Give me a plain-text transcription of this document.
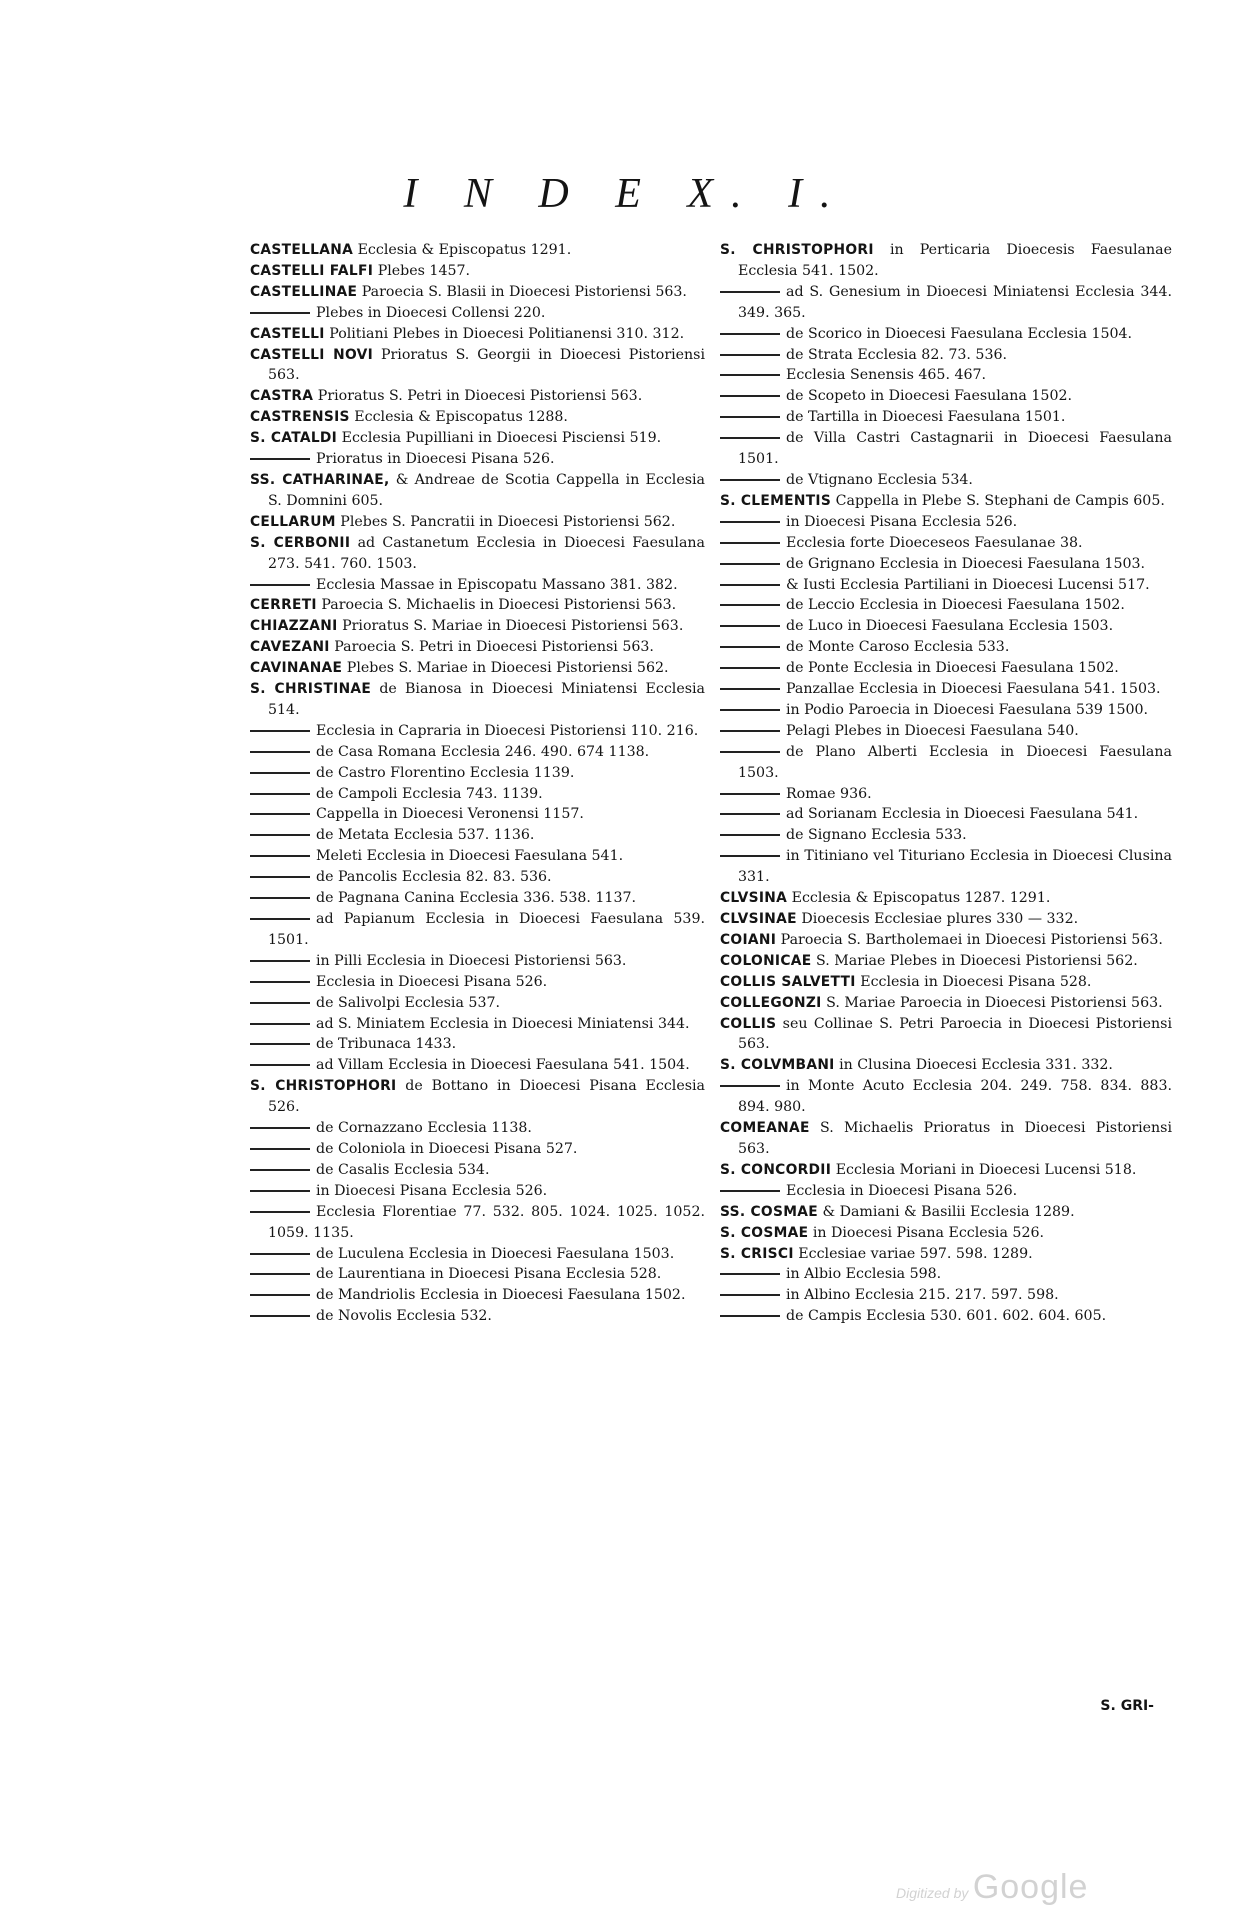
I N D E X. I.
CASTELLANA Ecclesia & Episcopatus 1291.
CASTELLI FALFI Plebes 1457.
CASTELLINAE Paroecia S. Blasii in Dioecesi Pistoriensi 563.
Plebes in Dioecesi Collensi 220.
CASTELLI Politiani Plebes in Dioecesi Politianensi 310. 312.
CASTELLI NOVI Prioratus S. Georgii in Dioecesi Pistoriensi 563.
CASTRA Prioratus S. Petri in Dioecesi Pistoriensi 563.
CASTRENSIS Ecclesia & Episcopatus 1288.
S. CATALDI Ecclesia Pupilliani in Dioecesi Pisciensi 519.
Prioratus in Dioecesi Pisana 526.
SS. CATHARINAE, & Andreae de Scotia Cappella in Ecclesia S. Domnini 605.
CELLARUM Plebes S. Pancratii in Dioecesi Pistoriensi 562.
S. CERBONII ad Castanetum Ecclesia in Dioecesi Faesulana 273. 541. 760. 1503.
Ecclesia Massae in Episcopatu Massano 381. 382.
CERRETI Paroecia S. Michaelis in Dioecesi Pistoriensi 563.
CHIAZZANI Prioratus S. Mariae in Dioecesi Pistoriensi 563.
CAVEZANI Paroecia S. Petri in Dioecesi Pistoriensi 563.
CAVINANAE Plebes S. Mariae in Dioecesi Pistoriensi 562.
S. CHRISTINAE de Bianosa in Dioecesi Miniatensi Ecclesia 514.
Ecclesia in Capraria in Dioecesi Pistoriensi 110. 216.
de Casa Romana Ecclesia 246. 490. 674 1138.
de Castro Florentino Ecclesia 1139.
de Campoli Ecclesia 743. 1139.
Cappella in Dioecesi Veronensi 1157.
de Metata Ecclesia 537. 1136.
Meleti Ecclesia in Dioecesi Faesulana 541.
de Pancolis Ecclesia 82. 83. 536.
de Pagnana Canina Ecclesia 336. 538. 1137.
ad Papianum Ecclesia in Dioecesi Faesulana 539. 1501.
in Pilli Ecclesia in Dioecesi Pistoriensi 563.
Ecclesia in Dioecesi Pisana 526.
de Salivolpi Ecclesia 537.
ad S. Miniatem Ecclesia in Dioecesi Miniatensi 344.
de Tribunaca 1433.
ad Villam Ecclesia in Dioecesi Faesulana 541. 1504.
S. CHRISTOPHORI de Bottano in Dioecesi Pisana Ecclesia 526.
de Cornazzano Ecclesia 1138.
de Coloniola in Dioecesi Pisana 527.
de Casalis Ecclesia 534.
in Dioecesi Pisana Ecclesia 526.
Ecclesia Florentiae 77. 532. 805. 1024. 1025. 1052. 1059. 1135.
de Luculena Ecclesia in Dioecesi Faesulana 1503.
de Laurentiana in Dioecesi Pisana Ecclesia 528.
de Mandriolis Ecclesia in Dioecesi Faesulana 1502.
de Novolis Ecclesia 532.
S. CHRISTOPHORI in Perticaria Dioecesis Faesulanae Ecclesia 541. 1502.
ad S. Genesium in Dioecesi Miniatensi Ecclesia 344. 349. 365.
de Scorico in Dioecesi Faesulana Ecclesia 1504.
de Strata Ecclesia 82. 73. 536.
Ecclesia Senensis 465. 467.
de Scopeto in Dioecesi Faesulana 1502.
de Tartilla in Dioecesi Faesulana 1501.
de Villa Castri Castagnarii in Dioecesi Faesulana 1501.
de Vtignano Ecclesia 534.
S. CLEMENTIS Cappella in Plebe S. Stephani de Campis 605.
in Dioecesi Pisana Ecclesia 526.
Ecclesia forte Dioeceseos Faesulanae 38.
de Grignano Ecclesia in Dioecesi Faesulana 1503.
& Iusti Ecclesia Partiliani in Dioecesi Lucensi 517.
de Leccio Ecclesia in Dioecesi Faesulana 1502.
de Luco in Dioecesi Faesulana Ecclesia 1503.
de Monte Caroso Ecclesia 533.
de Ponte Ecclesia in Dioecesi Faesulana 1502.
Panzallae Ecclesia in Dioecesi Faesulana 541. 1503.
in Podio Paroecia in Dioecesi Faesulana 539 1500.
Pelagi Plebes in Dioecesi Faesulana 540.
de Plano Alberti Ecclesia in Dioecesi Faesulana 1503.
Romae 936.
ad Sorianam Ecclesia in Dioecesi Faesulana 541.
de Signano Ecclesia 533.
in Titiniano vel Tituriano Ecclesia in Dioecesi Clusina 331.
CLVSINA Ecclesia & Episcopatus 1287. 1291.
CLVSINAE Dioecesis Ecclesiae plures 330 — 332.
COIANI Paroecia S. Bartholemaei in Dioecesi Pistoriensi 563.
COLONICAE S. Mariae Plebes in Dioecesi Pistoriensi 562.
COLLIS SALVETTI Ecclesia in Dioecesi Pisana 528.
COLLEGONZI S. Mariae Paroecia in Dioecesi Pistoriensi 563.
COLLIS seu Collinae S. Petri Paroecia in Dioecesi Pistoriensi 563.
S. COLVMBANI in Clusina Dioecesi Ecclesia 331. 332.
in Monte Acuto Ecclesia 204. 249. 758. 834. 883. 894. 980.
COMEANAE S. Michaelis Prioratus in Dioecesi Pistoriensi 563.
S. CONCORDII Ecclesia Moriani in Dioecesi Lucensi 518.
Ecclesia in Dioecesi Pisana 526.
SS. COSMAE & Damiani & Basilii Ecclesia 1289.
S. COSMAE in Dioecesi Pisana Ecclesia 526.
S. CRISCI Ecclesiae variae 597. 598. 1289.
in Albio Ecclesia 598.
in Albino Ecclesia 215. 217. 597. 598.
de Campis Ecclesia 530. 601. 602. 604. 605.
S. GRI-
Digitized by Google
